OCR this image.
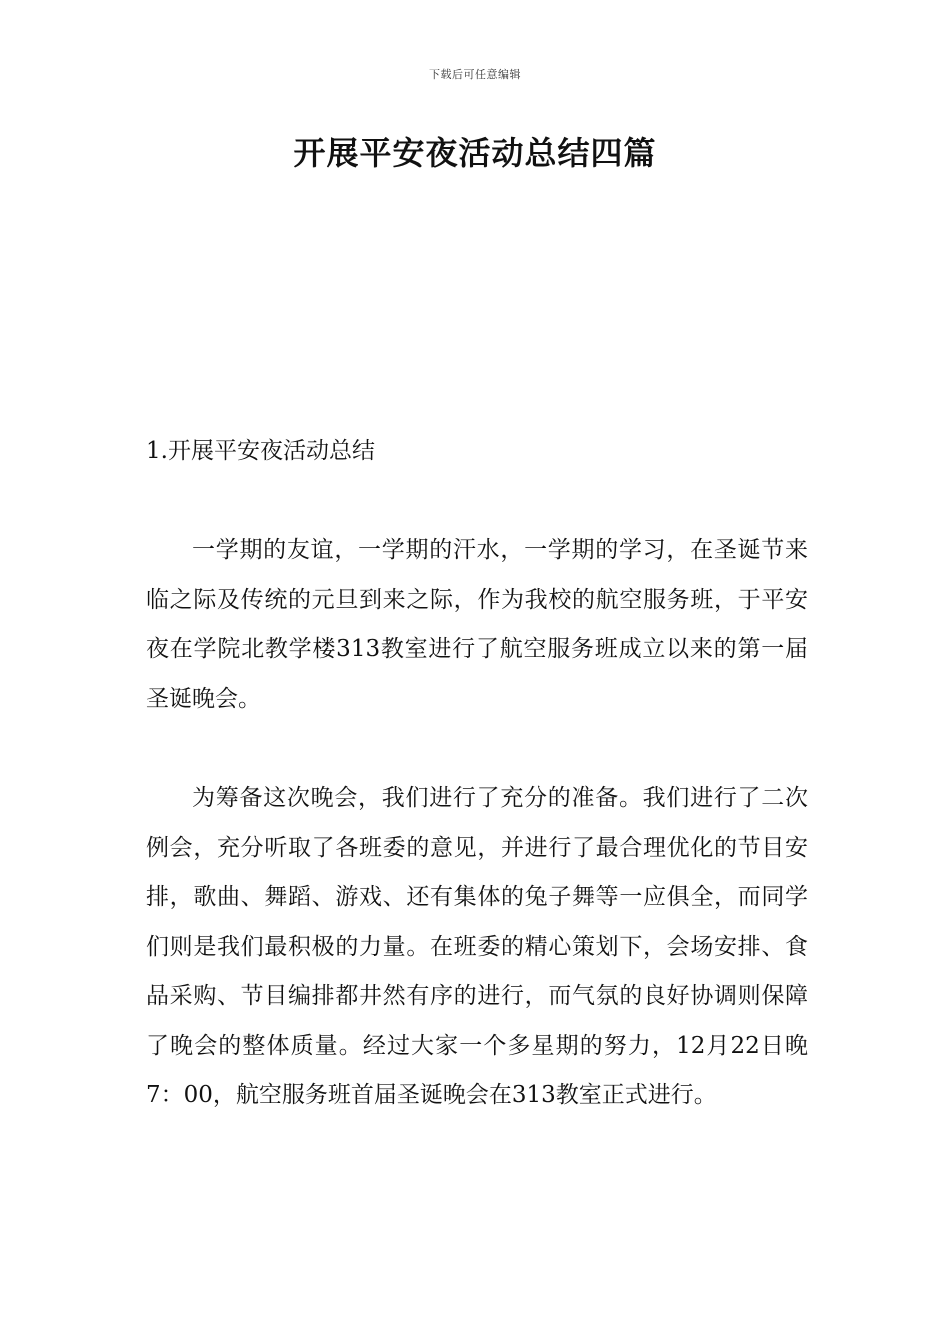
下载后可任意编辑
开展平安夜活动总结四篇
1.开展平安夜活动总结

一学期的友谊，一学期的汗水，一学期的学习，在圣诞节来临之际及传统的元旦到来之际，作为我校的航空服务班，于平安夜在学院北教学楼313教室进行了航空服务班成立以来的第一届圣诞晚会。

为筹备这次晚会，我们进行了充分的准备。我们进行了二次例会，充分听取了各班委的意见，并进行了最合理优化的节目安排，歌曲、舞蹈、游戏、还有集体的兔子舞等一应俱全，而同学们则是我们最积极的力量。在班委的精心策划下，会场安排、食品采购、节目编排都井然有序的进行，而气氛的良好协调则保障了晚会的整体质量。经过大家一个多星期的努力，12月22日晚7：00，航空服务班首届圣诞晚会在313教室正式进行。
